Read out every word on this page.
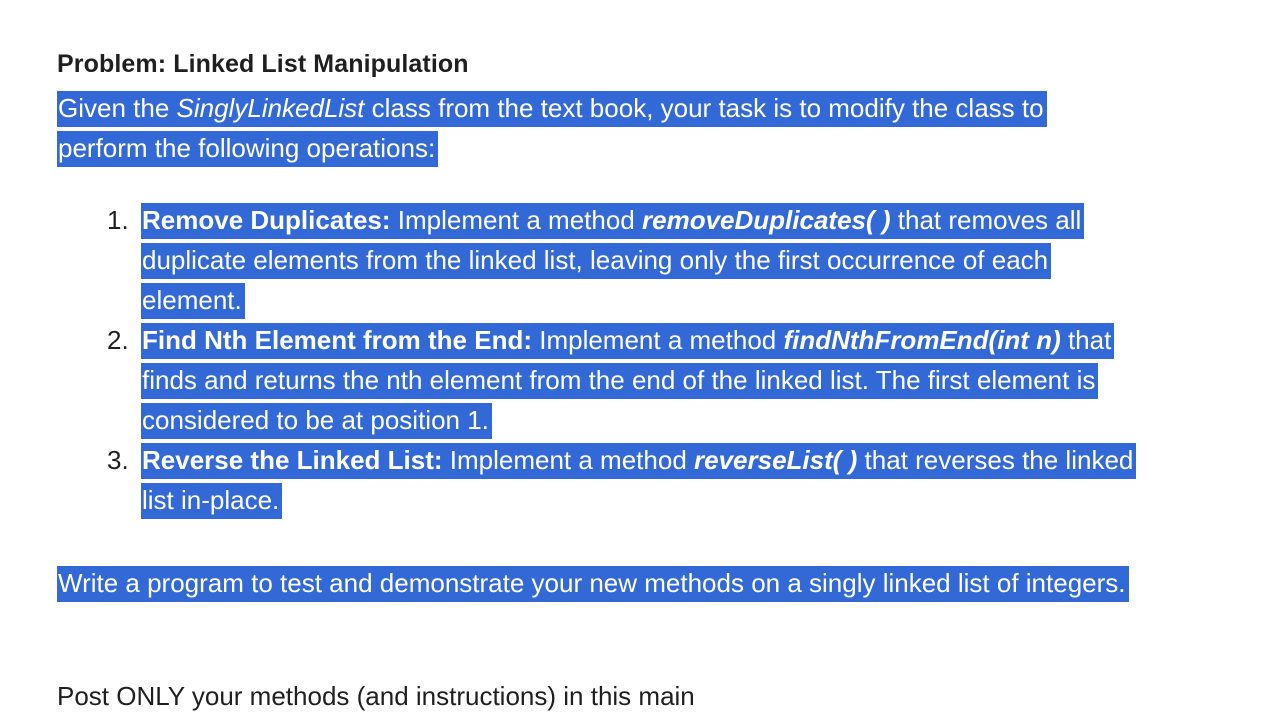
Problem: Linked List Manipulation

Given the SinglyLinkedList class from the text book, your task is to modify the class to perform the following operations:

1. Remove Duplicates: Implement a method removeDuplicates( ) that removes all duplicate elements from the linked list, leaving only the first occurrence of each element.
2. Find Nth Element from the End: Implement a method findNthFromEnd(int n) that finds and returns the nth element from the end of the linked list. The first element is considered to be at position 1.
3. Reverse the Linked List: Implement a method reverseList( ) that reverses the linked list in-place.

Write a program to test and demonstrate your new methods on a singly linked list of integers.

Post ONLY your methods (and instructions) in this main
